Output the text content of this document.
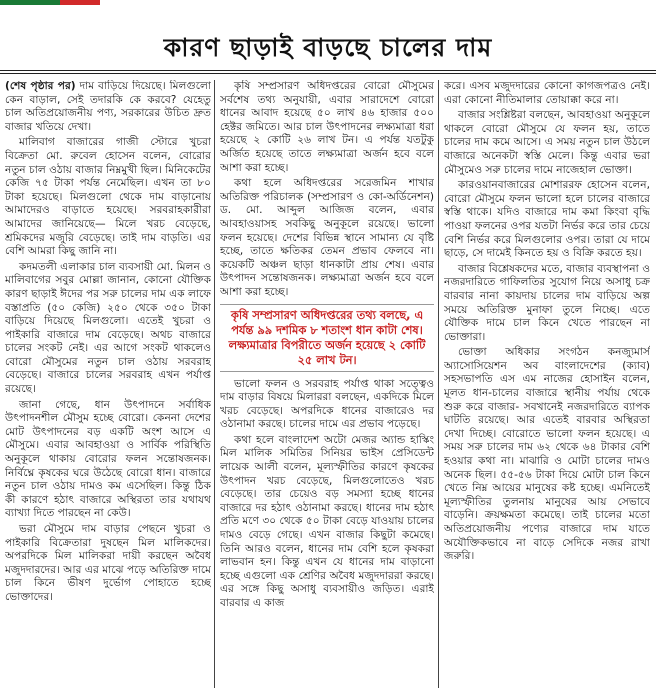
কারণ ছাড়াই বাড়ছে চালের দাম

(শেষ পৃষ্ঠার পর) দাম বাড়িয়ে দিয়েছে। মিলগুলো কেন বাড়াল, সেই তদারকি কে করবে? যেহেতু চাল অতিপ্রয়োজনীয় পণ্য, সরকারের উচিত দ্রুত বাজার খতিয়ে দেখা।

মালিবাগ বাজারের গাজী স্টোরে খুচরা বিক্রেতা মো. রুবেল হোসেন বলেন, বোরোর নতুন চাল ওঠায় বাজার নিম্নমুখী ছিল। মিনিকেটের কেজি ৭৫ টাকা পর্যন্ত নেমেছিল। এখন তা ৮০ টাকা হয়েছে। মিলগুলো থেকে দাম বাড়ানোয় আমাদেরও বাড়াতে হয়েছে। সরবরাহকারীরা আমাদের জানিয়েছে— মিলে খরচ বেড়েছে, শ্রমিকদের মজুরি বেড়েছে। তাই দাম বাড়তি। এর বেশি আমরা কিছু জানি না।

কদমতলী এলাকার চাল ব্যবসায়ী মো. মিলন ও মালিবাগের সবুর মোল্লা জানান, কোনো যৌক্তিক কারণ ছাড়াই ঈদের পর সরু চালের দাম এক লাফে বস্তাপ্রতি (৫০ কেজি) ২৫০ থেকে ৩৫০ টাকা বাড়িয়ে দিয়েছে মিলগুলো। এতেই খুচরা ও পাইকারি বাজারে দাম বেড়েছে। অথচ বাজারে চালের সংকট নেই। এর আগে সংকট থাকলেও বোরো মৌসুমের নতুন চাল ওঠায় সরবরাহ বেড়েছে। বাজারে চালের সরবরাহ এখন পর্যাপ্ত রয়েছে।

জানা গেছে, ধান উৎপাদনে সর্বাধিক উৎপাদনশীল মৌসুম হচ্ছে বোরো। কেননা দেশের মোট উৎপাদনের বড় একটি অংশ আসে এ মৌসুমে। এবার আবহাওয়া ও সার্বিক পরিস্থিতি অনুকূলে থাকায় বোরোর ফলন সন্তোষজনক। নির্বিঘ্নে কৃষকের ঘরে উঠেছে বোরো ধান। বাজারে নতুন চাল ওঠায় দামও কম এসেছিল। কিন্তু ঠিক কী কারণে হঠাৎ বাজারে অস্থিরতা তার যথাযথ ব্যাখ্যা দিতে পারছেন না কেউ।

ভরা মৌসুমে দাম বাড়ার পেছনে খুচরা ও পাইকারি বিক্রেতারা দুষছেন মিল মালিকদের। অপরদিকে মিল মালিকরা দায়ী করছেন অবৈধ মজুদদারদের। আর এর মাঝে পড়ে অতিরিক্ত দামে চাল কিনে ভীষণ দুর্ভোগ পোহাতে হচ্ছে ভোক্তাদের।

কৃষি সম্প্রসারণ অধিদপ্তরের বোরো মৌসুমের সর্বশেষ তথ্য অনুযায়ী, এবার সারাদেশে বোরো ধানের আবাদ হয়েছে ৫০ লাখ ৪৬ হাজার ৫০০ হেক্টর জমিতে। আর চাল উৎপাদনের লক্ষ্যমাত্রা ধরা হয়েছে ২ কোটি ২৬ লাখ টন। এ পর্যন্ত যতটুকু অর্জিত হয়েছে তাতে লক্ষ্যমাত্রা অর্জন হবে বলে আশা করা হচ্ছে।

কথা হলে অধিদপ্তরের সরেজমিন শাখার অতিরিক্ত পরিচালক (সম্প্রসারণ ও কো-অর্ডিনেশন) ড. মো. আব্দুল আজিজ বলেন, এবার আবহাওয়াসহ সবকিছু অনুকূলে রয়েছে। ভালো ফলন হয়েছে। দেশের বিভিন্ন স্থানে সামান্য যে বৃষ্টি হচ্ছে, তাতে ক্ষতিকর তেমন প্রভাব ফেলবে না। কয়েকটি অঞ্চল ছাড়া ধানকাটা প্রায় শেষ। এবার উৎপাদন সন্তোষজনক। লক্ষ্যমাত্রা অর্জন হবে বলে আশা করা হচ্ছে।

কৃষি সম্প্রসারণ অধিদপ্তরের তথ্য বলছে, এ পর্যন্ত ৯৯ দশমিক ৮ শতাংশ ধান কাটা শেষ। লক্ষ্যমাত্রার বিপরীতে অর্জন হয়েছে ২ কোটি ২৫ লাখ টন।

ভালো ফলন ও সরবরাহ পর্যাপ্ত থাকা সত্ত্বেও দাম বাড়ার বিষয়ে মিলাররা বলছেন, একদিকে মিলে খরচ বেড়েছে। অপরদিকে ধানের বাজারেও দর ওঠানামা করছে। চালের দামে এর প্রভাব পড়েছে।

কথা হলে বাংলাদেশ অটো মেজর অ্যান্ড হাস্কিং মিল মালিক সমিতির সিনিয়র ভাইস প্রেসিডেন্ট লায়েক আলী বলেন, মূল্যস্ফীতির কারণে কৃষকের উৎপাদন খরচ বেড়েছে, মিলগুলোতেও খরচ বেড়েছে। তার চেয়েও বড় সমস্যা হচ্ছে ধানের বাজারে দর হঠাৎ ওঠানামা করছে। ধানের দাম হঠাৎ প্রতি মণে ৩০ থেকে ৫০ টাকা বেড়ে যাওয়ায় চালের দামও বেড়ে গেছে। এখন বাজার কিছুটা কমেছে। তিনি আরও বলেন, ধানের দাম বেশি হলে কৃষকরা লাভবান হন। কিন্তু এখন যে ধানের দাম বাড়ানো হচ্ছে এগুলো এক শ্রেণির অবৈধ মজুদদাররা করছে। এর সঙ্গে কিছু অসাধু ব্যবসায়ীও জড়িত। এরাই বারবার এ কাজ

করে। এসব মজুদদারের কোনো কাগজপত্রও নেই। এরা কোনো নীতিমালার তোয়াক্কা করে না।

বাজার সংশ্লিষ্টরা বলছেন, আবহাওয়া অনুকূলে থাকলে বোরো মৌসুমে যে ফলন হয়, তাতে চালের দাম কমে আসে। এ সময় নতুন চাল উঠলে বাজারে অনেকটা স্বস্তি মেলে। কিন্তু এবার ভরা মৌসুমেও সরু চালের দামে নাজেহাল ভোক্তা।

কারওয়ানবাজারের মোশাররফ হোসেন বলেন, বোরো মৌসুমে ফলন ভালো হলে চালের বাজারে স্বস্তি থাকে। যদিও বাজারে দাম কমা কিংবা বৃদ্ধি পাওয়া ফলনের ওপর যতটা নির্ভর করে তার চেয়ে বেশি নির্ভর করে মিলগুলোর ওপর। তারা যে দামে ছাড়ে, সে দামেই কিনতে হয় ও বিক্রি করতে হয়।

বাজার বিশ্লেষকদের মতে, বাজার ব্যবস্থাপনা ও নজরদারিতে গাফিলতির সুযোগ নিয়ে অসাধু চক্র বারবার নানা কায়দায় চালের দাম বাড়িয়ে অল্প সময়ে অতিরিক্ত মুনাফা তুলে নিচ্ছে। এতে যৌক্তিক দামে চাল কিনে খেতে পারছেন না ভোক্তারা।

ভোক্তা অধিকার সংগঠন কনজ্যুমার্স অ্যাসোসিয়েশন অব বাংলাদেশের (ক্যাব) সহসভাপতি এস এম নাজের হোসাইন বলেন, মূলত ধান-চালের বাজারে স্থানীয় পর্যায় থেকে শুরু করে বাজার- সবখানেই নজরদারিতে ব্যাপক ঘাটতি রয়েছে। আর এতেই বারবার অস্থিরতা দেখা দিচ্ছে। বোরোতে ভালো ফলন হয়েছে। এ সময় সরু চালের দাম ৬২ থেকে ৬৪ টাকার বেশি হওয়ার কথা না। মাঝারি ও মোটা চালের দামও অনেক ছিল। ৫৫-৫৬ টাকা দিয়ে মোটা চাল কিনে খেতে নিম্ন আয়ের মানুষের কষ্ট হচ্ছে। এমনিতেই মূল্যস্ফীতির তুলনায় মানুষের আয় সেভাবে বাড়েনি। ক্রয়ক্ষমতা কমেছে। তাই চালের মতো অতিপ্রয়োজনীয় পণ্যের বাজারে দাম যাতে অযৌক্তিকভাবে না বাড়ে সেদিকে নজর রাখা জরুরি।
